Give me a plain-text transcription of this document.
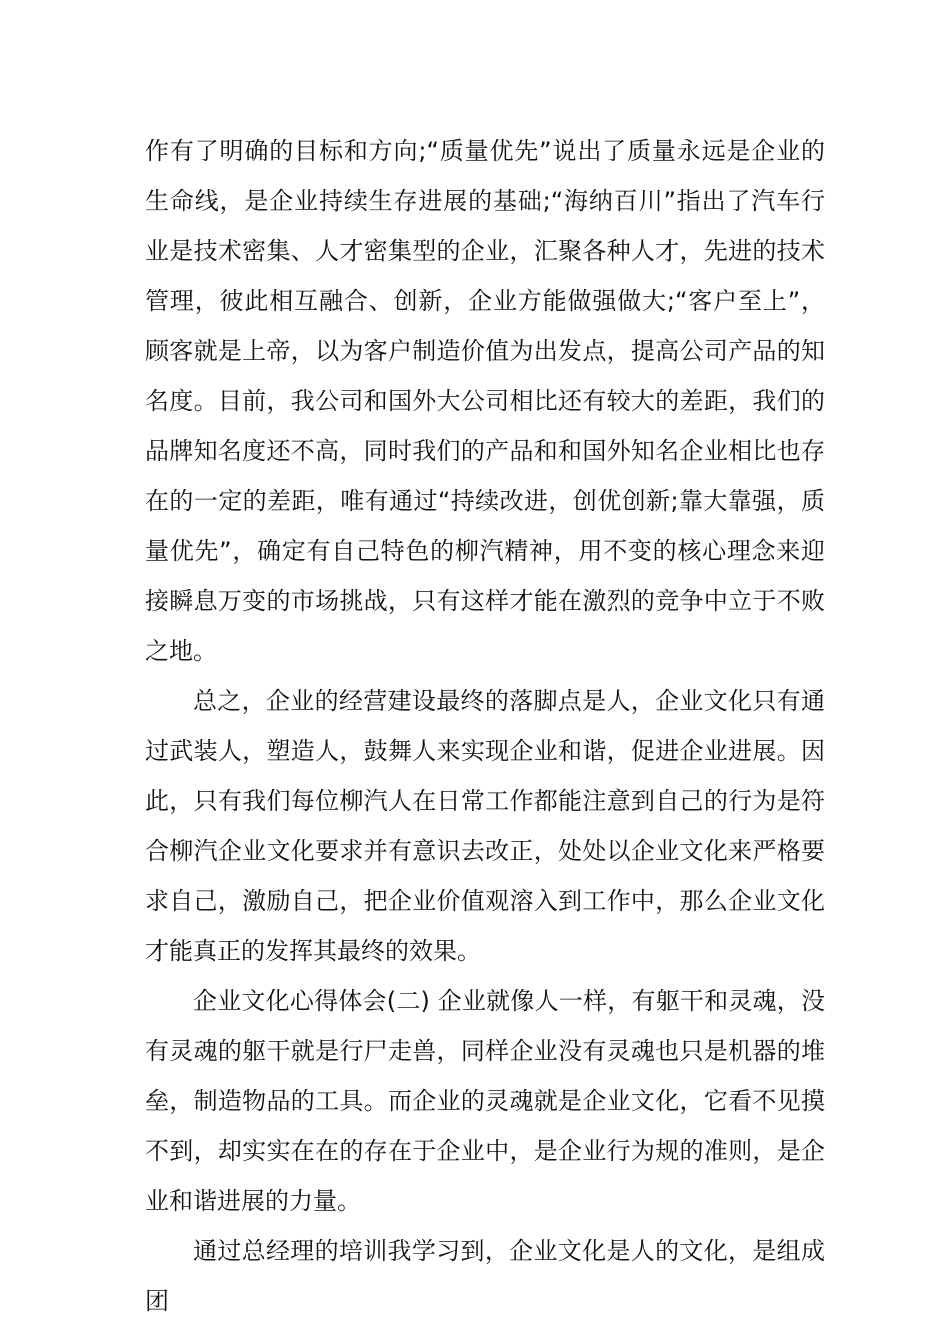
作有了明确的目标和方向;“质量优先”说出了质量永远是企业的生命线，是企业持续生存进展的基础;“海纳百川”指出了汽车行业是技术密集、人才密集型的企业，汇聚各种人才，先进的技术管理，彼此相互融合、创新，企业方能做强做大;“客户至上”，顾客就是上帝，以为客户制造价值为出发点，提高公司产品的知名度。目前，我公司和国外大公司相比还有较大的差距，我们的品牌知名度还不高，同时我们的产品和和国外知名企业相比也存在的一定的差距，唯有通过“持续改进，创优创新;靠大靠强，质量优先”，确定有自己特色的柳汽精神，用不变的核心理念来迎接瞬息万变的市场挑战，只有这样才能在激烈的竞争中立于不败之地。

总之，企业的经营建设最终的落脚点是人，企业文化只有通过武装人，塑造人，鼓舞人来实现企业和谐，促进企业进展。因此，只有我们每位柳汽人在日常工作都能注意到自己的行为是符合柳汽企业文化要求并有意识去改正，处处以企业文化来严格要求自己，激励自己，把企业价值观溶入到工作中，那么企业文化才能真正的发挥其最终的效果。

企业文化心得体会(二) 企业就像人一样，有躯干和灵魂，没有灵魂的躯干就是行尸走兽，同样企业没有灵魂也只是机器的堆垒，制造物品的工具。而企业的灵魂就是企业文化，它看不见摸不到，却实实在在的存在于企业中，是企业行为规的准则，是企业和谐进展的力量。

通过总经理的培训我学习到，企业文化是人的文化，是组成团
